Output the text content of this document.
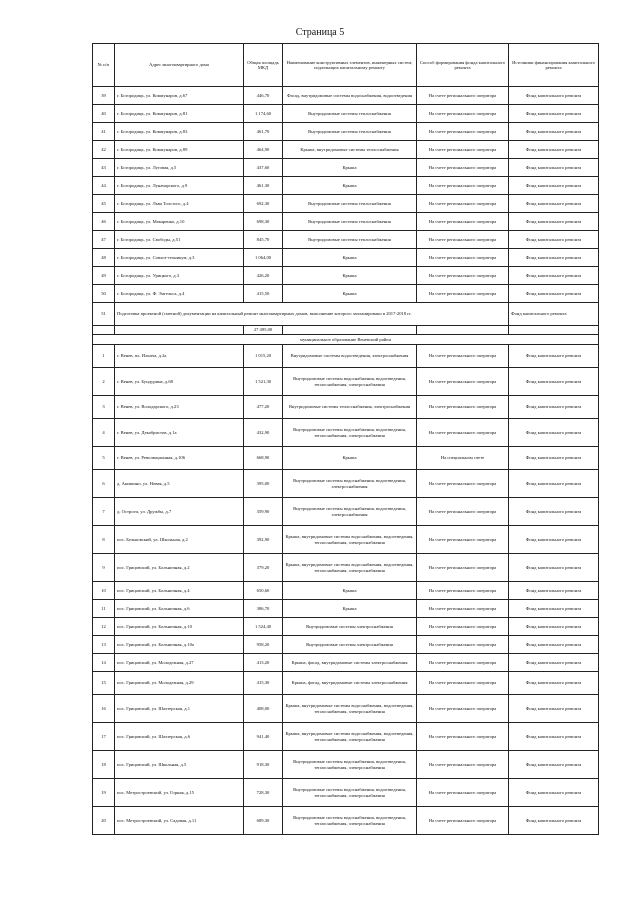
Страница 5
№ п/п	Адрес многоквартирного дома	Общая площадь МКД	Наименование конструктивных элементов, инженерных систем, подлежащих капитальному ремонту	Способ формирования фонда капитального ремонта	Источники финансирования капитального ремонта
39	г. Богородицк, ул. Коммунаров, д.67	446,70	Фасад, внутридомовые системы водоснабжения, водоотведения	На счете регионального оператора	Фонд капитального ремонта
40	г. Богородицк, ул. Коммунаров, д.81	1 174,60	Внутридомовые системы теплоснабжения	На счете регионального оператора	Фонд капитального ремонта
41	г. Богородицк, ул. Коммунаров, д.83	461,70	Внутридомовые системы теплоснабжения	На счете регионального оператора	Фонд капитального ремонта
42	г. Богородицк, ул. Коммунаров, д.89	464,90	Крыша, внутридомовые системы теплоснабжения	На счете регионального оператора	Фонд капитального ремонта
43	г. Богородицк, ул. Луговая, д.5	437,60	Крыша	На счете регионального оператора	Фонд капитального ремонта
44	г. Богородицк, ул. Луначарского, д.9	461,30	Крыша	На счете регионального оператора	Фонд капитального ремонта
45	г. Богородицк, ул. Льва Толстого, д.4	692,30	Внутридомовые системы теплоснабжения	На счете регионального оператора	Фонд капитального ремонта
46	г. Богородицк, ул. Макаренко, д.10	698,30	Внутридомовые системы теплоснабжения	На счете регионального оператора	Фонд капитального ремонта
47	г. Богородицк, ул. Свободы, д.51	845,70	Внутридомовые системы теплоснабжения	На счете регионального оператора	Фонд капитального ремонта
48	г. Богородицк, ул. Совхоз-техникум, д.3	1 064,00	Крыша	На счете регионального оператора	Фонд капитального ремонта
49	г. Богородицк, ул. Урицкого, д.3	426,20	Крыша	На счете регионального оператора	Фонд капитального ремонта
50	г. Богородицк, ул. Ф. Энгельса, д.4	415,50	Крыша	На счете регионального оператора	Фонд капитального ремонта
51	Подготовка проектной (сметной) документации на капитальный ремонт многоквартирных домов, выполнение которого запланировано в 2017-2018 гг.				Фонд капитального ремонта
		27 495,00			
муниципальное образование Веневский район					
1	г. Венев, пл. Ильича, д.2а	1 015,20	Внутридомовые системы водоотведения, электроснабжения	На счете регионального оператора	Фонд капитального ремонта
2	г. Венев, ул. Бундурина, д.68	1 521,30	Внутридомовые системы водоснабжения, водоотведения, теплоснабжения, электроснабжения	На счете регионального оператора	Фонд капитального ремонта
3	г. Венев, ул. Володарского, д.23	477,20	Внутридомовые системы теплоснабжения, электроснабжения	На счете регионального оператора	Фонд капитального ремонта
4	г. Венев, ул. Декабристов, д.1а	432,90	Внутридомовые системы водоснабжения, водоотведения, теплоснабжения, электроснабжения	На счете регионального оператора	Фонд капитального ремонта
5	г. Венев, ул. Революционная, д.106	668,90	Крыша	На специальном счете	Фонд капитального ремонта
6	д. Анишино, ул. Новая, д.5	395,00	Внутридомовые системы водоснабжения, водоотведения, электроснабжения	На счете регионального оператора	Фонд капитального ремонта
7	д. Остроги, ул. Дружбы, д.7	359,90	Внутридомовые системы водоснабжения, водоотведения, электроснабжения	На счете регионального оператора	Фонд капитального ремонта
8	пос. Бельковский, ул. Школьная, д.2	392,90	Крыша, внутридомовые системы водоснабжения, водоотведения, теплоснабжения, электроснабжения	На счете регионального оператора	Фонд капитального ремонта
9	пос. Грицовский, ул. Больничная, д.2	379,20	Крыша, внутридомовые системы водоснабжения, водоотведения, теплоснабжения, электроснабжения	На счете регионального оператора	Фонд капитального ремонта
10	пос. Грицовский, ул. Больничная, д.4	650,60	Крыша	На счете регионального оператора	Фонд капитального ремонта
11	пос. Грицовский, ул. Больничная, д.6	386,70	Крыша	На счете регионального оператора	Фонд капитального ремонта
12	пос. Грицовский, ул. Больничная, д.10	1 524,40	Внутридомовые системы электроснабжения	На счете регионального оператора	Фонд капитального ремонта
13	пос. Грицовский, ул. Больничная, д.10а	958,20	Внутридомовые системы электроснабжения	На счете регионального оператора	Фонд капитального ремонта
14	пос. Грицовский, ул. Молодежная, д.27	413,20	Крыша, фасад, внутридомовые системы электроснабжения	На счете регионального оператора	Фонд капитального ремонта
15	пос. Грицовский, ул. Молодежная, д.29	415,30	Крыша, фасад, внутридомовые системы электроснабжения	На счете регионального оператора	Фонд капитального ремонта
16	пос. Грицовский, ул. Шахтерская, д.1	408,00	Крыша, внутридомовые системы водоснабжения, водоотведения, теплоснабжения, электроснабжения	На счете регионального оператора	Фонд капитального ремонта
17	пос. Грицовский, ул. Шахтерская, д.6	941,40	Крыша, внутридомовые системы водоснабжения, водоотведения, теплоснабжения, электроснабжения	На счете регионального оператора	Фонд капитального ремонта
18	пос. Грицовский, ул. Школьная, д.5	918,30	Внутридомовые системы водоснабжения, водоотведения, теплоснабжения, электроснабжения	На счете регионального оператора	Фонд капитального ремонта
19	пос. Метростроевский, ул. Горная, д.15	728,30	Внутридомовые системы водоснабжения, водоотведения, теплоснабжения, электроснабжения	На счете регионального оператора	Фонд капитального ремонта
20	пос. Метростроевский, ул. Садовая, д.11	689,30	Внутридомовые системы водоснабжения, водоотведения, теплоснабжения, электроснабжения	На счете регионального оператора	Фонд капитального ремонта
